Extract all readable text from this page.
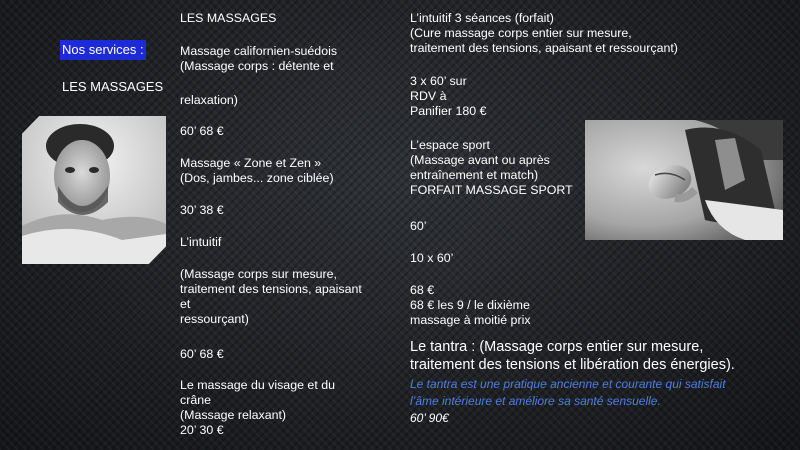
Nos services :
LES MASSAGES
LES MASSAGES
Massage californien-suédois
(Massage corps : détente et
relaxation)
60’ 68 €
Massage « Zone et Zen »
(Dos, jambes... zone ciblée)
30’ 38 €
L’intuitif
(Massage corps sur mesure,
traitement des tensions, apaisant
et
ressourçant)
60’ 68 €
Le massage du visage et du
crâne
(Massage relaxant)
20’ 30 €
L’intuitif 3 séances (forfait)
(Cure massage corps entier sur mesure,
traitement des tensions, apaisant et ressourçant)
3 x 60’ sur
RDV à
Panifier 180 €
L’espace sport
(Massage avant ou après
entraînement et match)
FORFAIT MASSAGE SPORT
60’
10 x 60’
68 €
68 € les 9 / le dixième
massage à moitié prix
Le tantra : (Massage corps entier sur mesure,
traitement des tensions et libération des énergies).
Le tantra est une pratique ancienne et courante qui satisfait
l’âme intérieure et améliore sa santé sensuelle.
60’ 90€
